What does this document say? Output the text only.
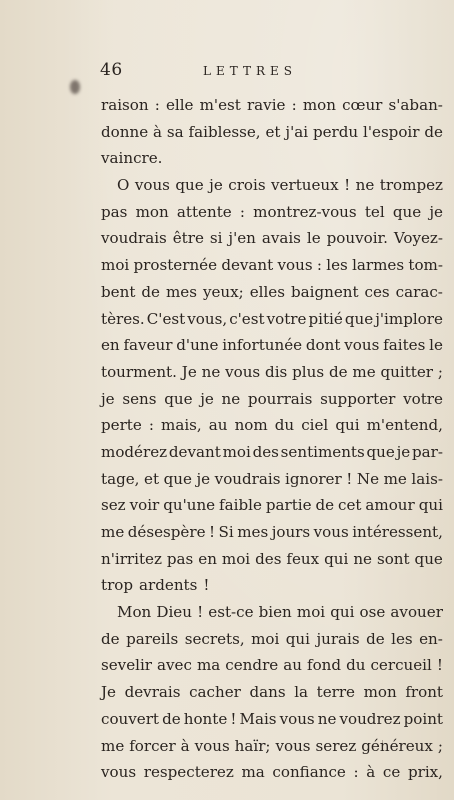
46	LETTRES
raison : elle m'est ravie : mon cœur s'aban-
donne à sa faiblesse, et j'ai perdu l'espoir de
vaincre.
O vous que je crois vertueux ! ne trompez
pas mon attente : montrez-vous tel que je
voudrais être si j'en avais le pouvoir. Voyez-
moi prosternée devant vous : les larmes tom-
bent de mes yeux; elles baignent ces carac-
tères. C'est vous, c'est votre pitié que j'implore
en faveur d'une infortunée dont vous faites le
tourment. Je ne vous dis plus de me quitter ;
je sens que je ne pourrais supporter votre
perte : mais, au nom du ciel qui m'entend,
modérez devant moi des sentiments que je par-
tage, et que je voudrais ignorer ! Ne me lais-
sez voir qu'une faible partie de cet amour qui
me désespère ! Si mes jours vous intéressent,
n'irritez pas en moi des feux qui ne sont que
trop ardents !
Mon Dieu ! est-ce bien moi qui ose avouer
de pareils secrets, moi qui jurais de les en-
sevelir avec ma cendre au fond du cercueil !
Je devrais cacher dans la terre mon front
couvert de honte ! Mais vous ne voudrez point
me forcer à vous haïr; vous serez généreux ;
vous respecterez ma confiance : à ce prix,
